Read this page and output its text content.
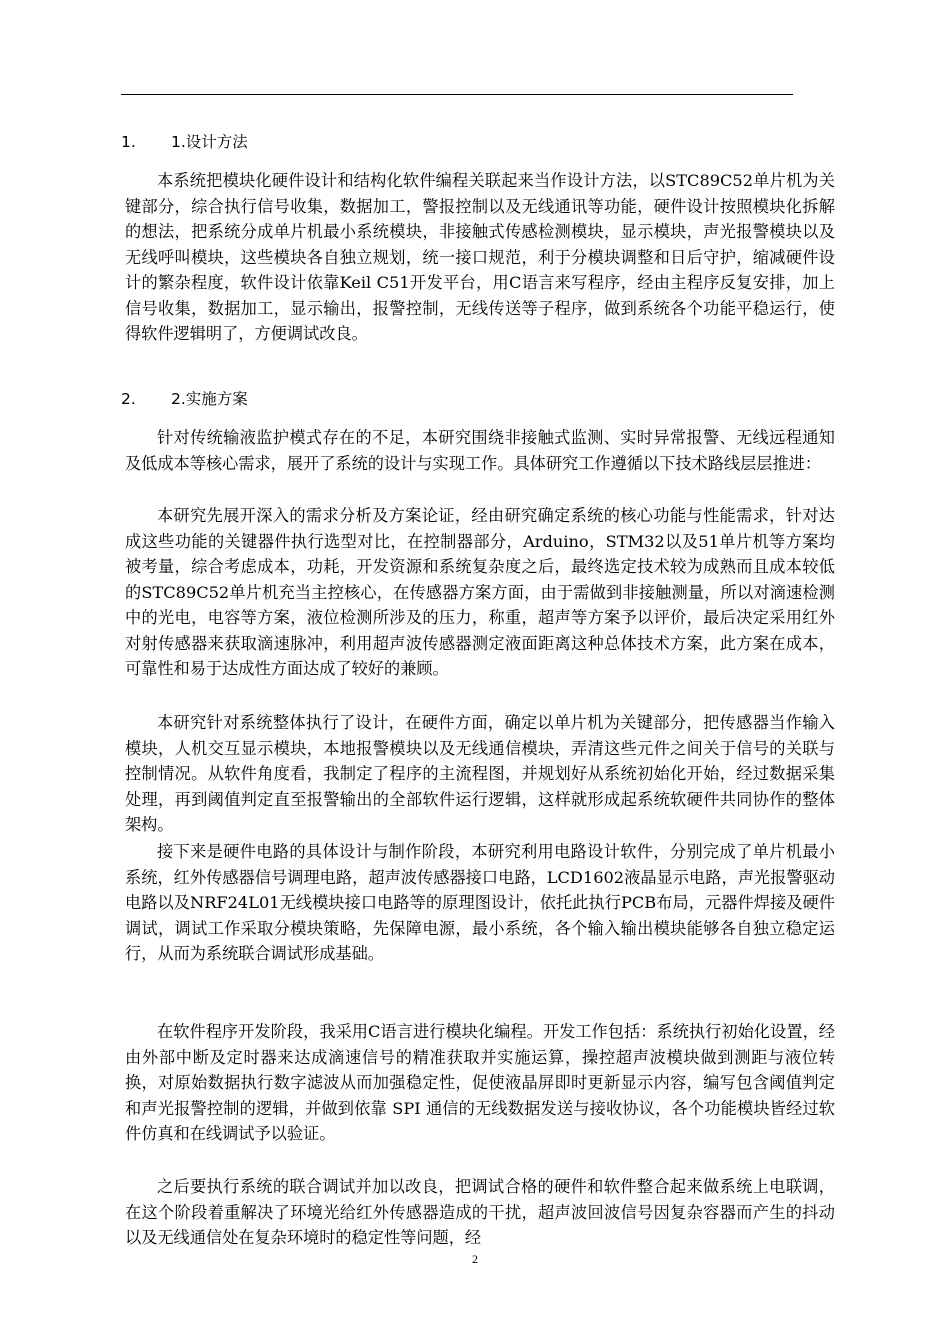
1. 1.设计方法

本系统把模块化硬件设计和结构化软件编程关联起来当作设计方法，以STC89C52单片机为关键部分，综合执行信号收集，数据加工，警报控制以及无线通讯等功能，硬件设计按照模块化拆解的想法，把系统分成单片机最小系统模块，非接触式传感检测模块，显示模块，声光报警模块以及无线呼叫模块，这些模块各自独立规划，统一接口规范，利于分模块调整和日后守护，缩减硬件设计的繁杂程度，软件设计依靠Keil C51开发平台，用C语言来写程序，经由主程序反复安排，加上信号收集，数据加工，显示输出，报警控制，无线传送等子程序，做到系统各个功能平稳运行，使得软件逻辑明了，方便调试改良。

2. 2.实施方案

针对传统输液监护模式存在的不足，本研究围绕非接触式监测、实时异常报警、无线远程通知及低成本等核心需求，展开了系统的设计与实现工作。具体研究工作遵循以下技术路线层层推进：

本研究先展开深入的需求分析及方案论证，经由研究确定系统的核心功能与性能需求，针对达成这些功能的关键器件执行选型对比，在控制器部分，Arduino，STM32以及51单片机等方案均被考量，综合考虑成本，功耗，开发资源和系统复杂度之后，最终选定技术较为成熟而且成本较低的STC89C52单片机充当主控核心，在传感器方案方面，由于需做到非接触测量，所以对滴速检测中的光电，电容等方案，液位检测所涉及的压力，称重，超声等方案予以评价，最后决定采用红外对射传感器来获取滴速脉冲，利用超声波传感器测定液面距离这种总体技术方案，此方案在成本，可靠性和易于达成性方面达成了较好的兼顾。

本研究针对系统整体执行了设计，在硬件方面，确定以单片机为关键部分，把传感器当作输入模块，人机交互显示模块，本地报警模块以及无线通信模块，弄清这些元件之间关于信号的关联与控制情况。从软件角度看，我制定了程序的主流程图，并规划好从系统初始化开始，经过数据采集处理，再到阈值判定直至报警输出的全部软件运行逻辑，这样就形成起系统软硬件共同协作的整体架构。

接下来是硬件电路的具体设计与制作阶段，本研究利用电路设计软件，分别完成了单片机最小系统，红外传感器信号调理电路，超声波传感器接口电路，LCD1602液晶显示电路，声光报警驱动电路以及NRF24L01无线模块接口电路等的原理图设计，依托此执行PCB布局，元器件焊接及硬件调试，调试工作采取分模块策略，先保障电源，最小系统，各个输入输出模块能够各自独立稳定运行，从而为系统联合调试形成基础。

在软件程序开发阶段，我采用C语言进行模块化编程。开发工作包括：系统执行初始化设置，经由外部中断及定时器来达成滴速信号的精准获取并实施运算，操控超声波模块做到测距与液位转换，对原始数据执行数字滤波从而加强稳定性，促使液晶屏即时更新显示内容，编写包含阈值判定和声光报警控制的逻辑，并做到依靠 SPI 通信的无线数据发送与接收协议，各个功能模块皆经过软件仿真和在线调试予以验证。

之后要执行系统的联合调试并加以改良，把调试合格的硬件和软件整合起来做系统上电联调，在这个阶段着重解决了环境光给红外传感器造成的干扰，超声波回波信号因复杂容器而产生的抖动以及无线通信处在复杂环境时的稳定性等问题，经

2
